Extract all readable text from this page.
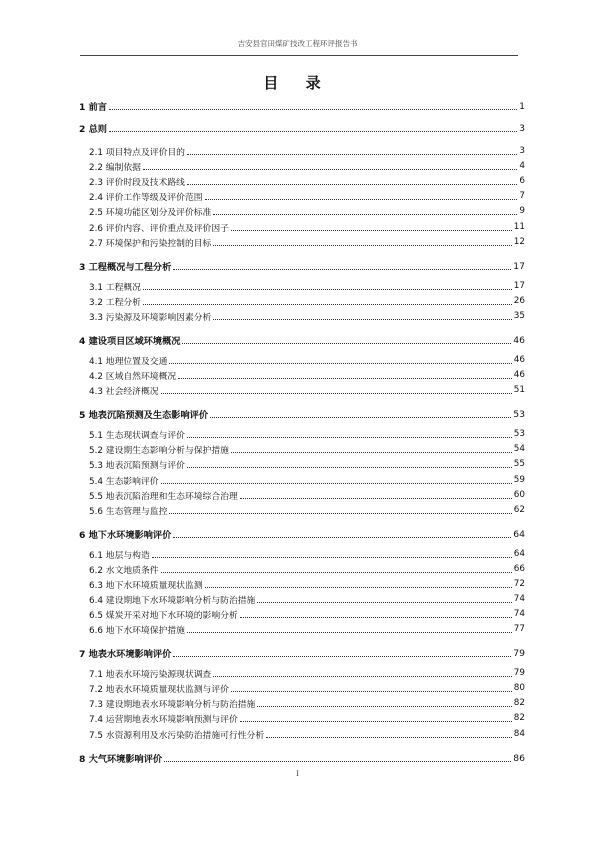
吉安县官田煤矿技改工程环评报告书
目 录
1 前言	1
2 总则	3
2.1 项目特点及评价目的	3
2.2 编制依据	4
2.3 评价时段及技术路线	6
2.4 评价工作等级及评价范围	7
2.5 环境功能区划分及评价标准	9
2.6 评价内容、评价重点及评价因子	11
2.7 环境保护和污染控制的目标	12
3 工程概况与工程分析	17
3.1 工程概况	17
3.2 工程分析	26
3.3 污染源及环境影响因素分析	35
4 建设项目区域环境概况	46
4.1 地理位置及交通	46
4.2 区域自然环境概况	46
4.3 社会经济概况	51
5 地表沉陷预测及生态影响评价	53
5.1 生态现状调查与评价	53
5.2 建设期生态影响分析与保护措施	54
5.3 地表沉陷预测与评价	55
5.4 生态影响评价	59
5.5 地表沉陷治理和生态环境综合治理	60
5.6 生态管理与监控	62
6 地下水环境影响评价	64
6.1 地层与构造	64
6.2 水文地质条件	66
6.3 地下水环境质量现状监测	72
6.4 建设期地下水环境影响分析与防治措施	74
6.5 煤炭开采对地下水环境的影响分析	74
6.6 地下水环境保护措施	77
7 地表水环境影响评价	79
7.1 地表水环境污染源现状调查	79
7.2 地表水环境质量现状监测与评价	80
7.3 建设期地表水环境影响分析与防治措施	82
7.4 运营期地表水环境影响预测与评价	82
7.5 水资源利用及水污染防治措施可行性分析	84
8 大气环境影响评价	86
I
